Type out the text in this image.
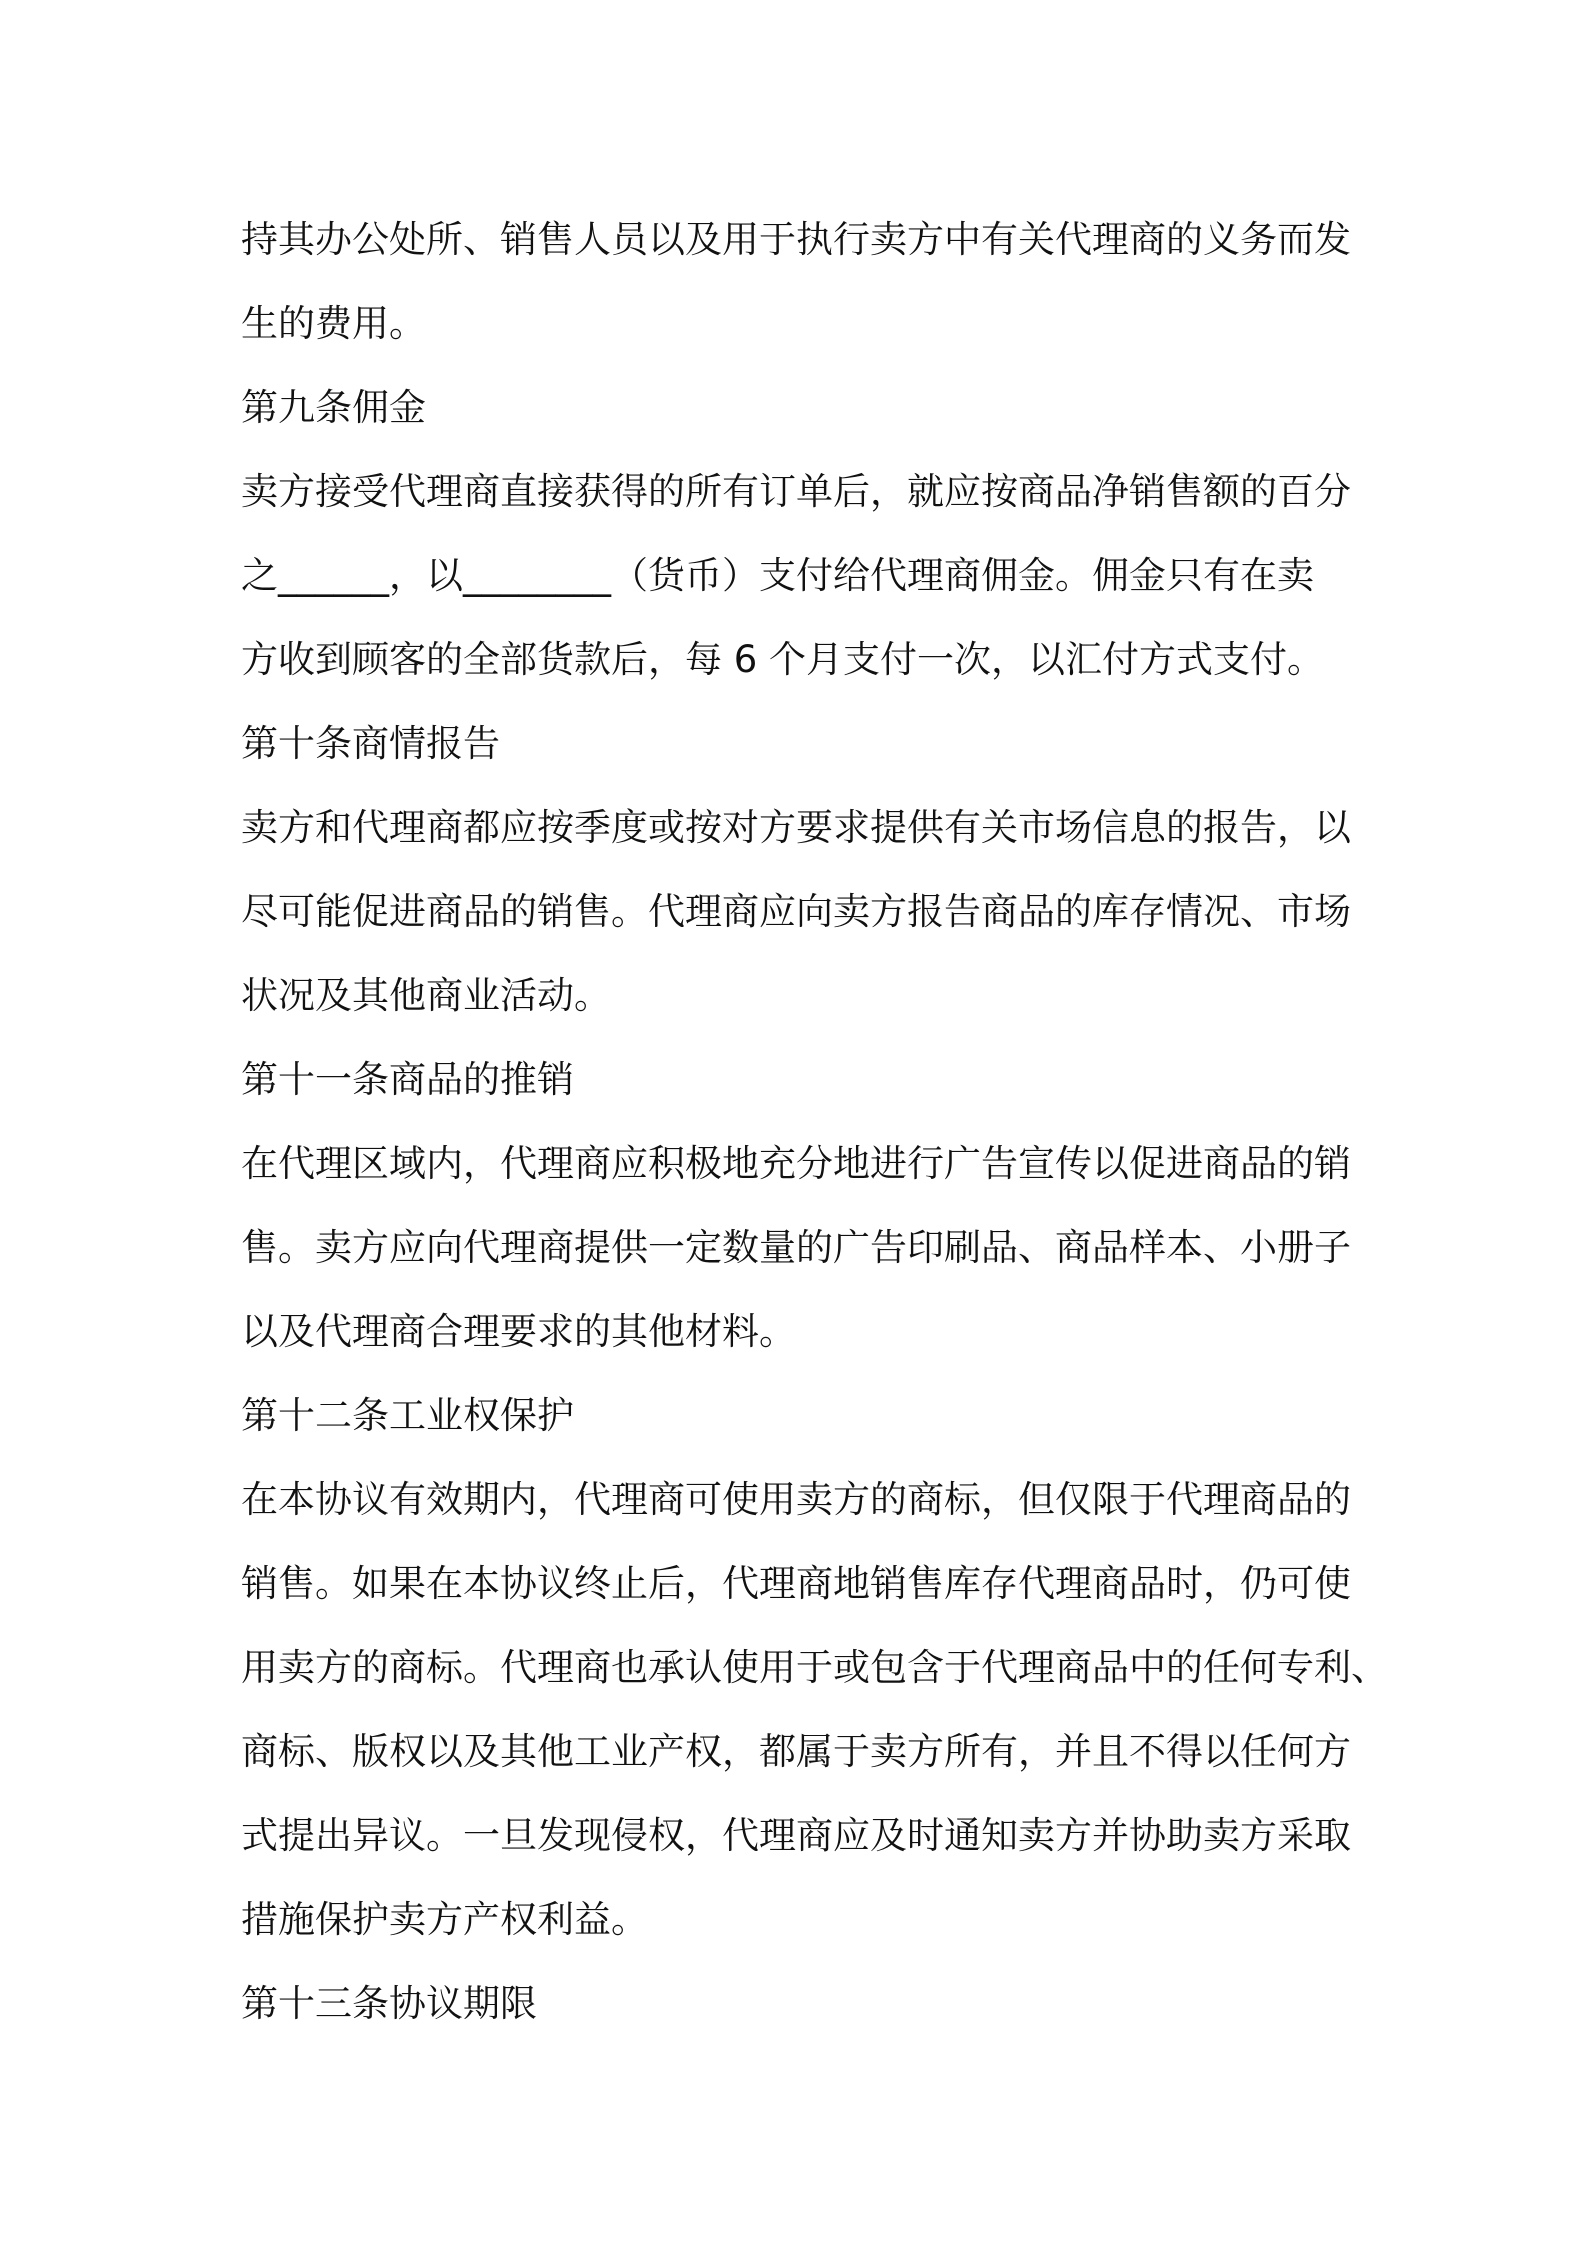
持其办公处所、销售人员以及用于执行卖方中有关代理商的义务而发
生的费用。
第九条佣金
卖方接受代理商直接获得的所有订单后，就应按商品净销售额的百分
之______，以________（货币）支付给代理商佣金。佣金只有在卖
方收到顾客的全部货款后，每 6 个月支付一次，以汇付方式支付。
第十条商情报告
卖方和代理商都应按季度或按对方要求提供有关市场信息的报告，以
尽可能促进商品的销售。代理商应向卖方报告商品的库存情况、市场
状况及其他商业活动。
第十一条商品的推销
在代理区域内，代理商应积极地充分地进行广告宣传以促进商品的销
售。卖方应向代理商提供一定数量的广告印刷品、商品样本、小册子
以及代理商合理要求的其他材料。
第十二条工业权保护
在本协议有效期内，代理商可使用卖方的商标，但仅限于代理商品的
销售。如果在本协议终止后，代理商地销售库存代理商品时，仍可使
用卖方的商标。代理商也承认使用于或包含于代理商品中的任何专利、
商标、版权以及其他工业产权，都属于卖方所有，并且不得以任何方
式提出异议。一旦发现侵权，代理商应及时通知卖方并协助卖方采取
措施保护卖方产权利益。
第十三条协议期限
